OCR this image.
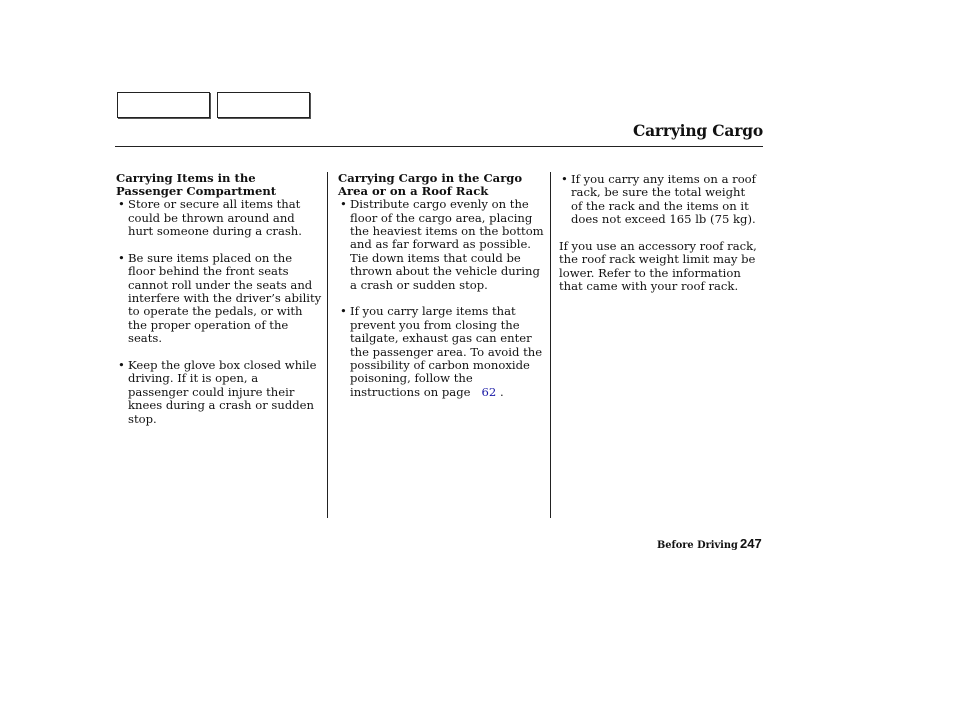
Carrying Cargo

Carrying Items in the Passenger Compartment

• Store or secure all items that could be thrown around and hurt someone during a crash.

• Be sure items placed on the floor behind the front seats cannot roll under the seats and interfere with the driver’s ability to operate the pedals, or with the proper operation of the seats.

• Keep the glove box closed while driving. If it is open, a passenger could injure their knees during a crash or sudden stop.

Carrying Cargo in the Cargo Area or on a Roof Rack

• Distribute cargo evenly on the floor of the cargo area, placing the heaviest items on the bottom and as far forward as possible. Tie down items that could be thrown about the vehicle during a crash or sudden stop.

• If you carry large items that prevent you from closing the tailgate, exhaust gas can enter the passenger area. To avoid the possibility of carbon monoxide poisoning, follow the instructions on page 62 .

• If you carry any items on a roof rack, be sure the total weight of the rack and the items on it does not exceed 165 lb (75 kg).

If you use an accessory roof rack, the roof rack weight limit may be lower. Refer to the information that came with your roof rack.

Before Driving 247
